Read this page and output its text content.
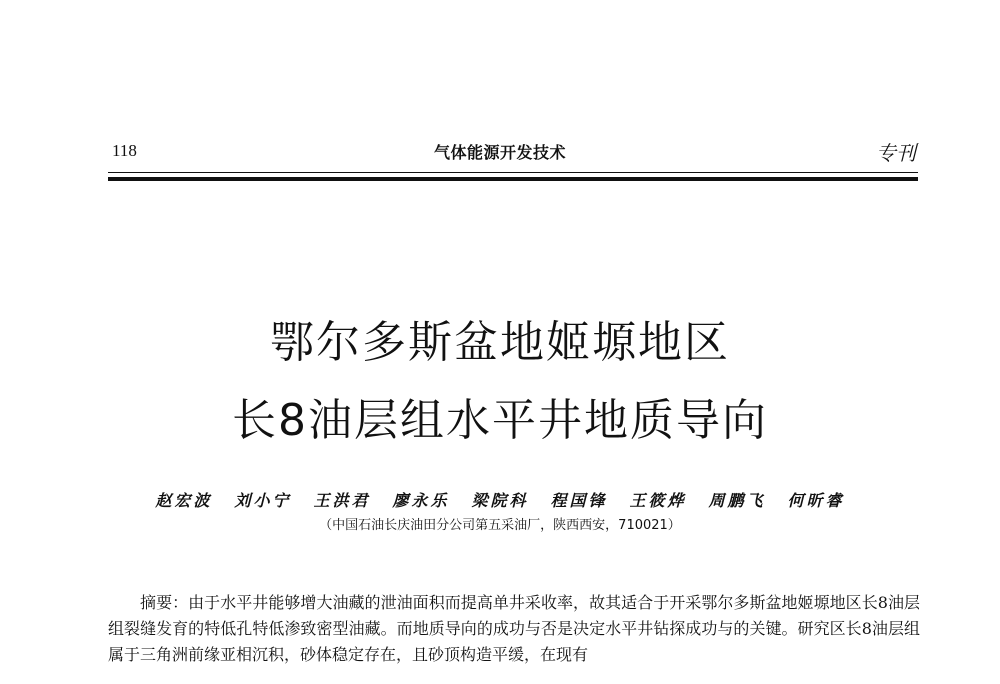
118	气体能源开发技术	专刊
鄂尔多斯盆地姬塬地区
长8油层组水平井地质导向
赵宏波 刘小宁 王洪君 廖永乐 梁院科 程国锋 王筱烨 周鹏飞 何昕睿
（中国石油长庆油田分公司第五采油厂，陕西西安，710021）

摘要：由于水平井能够增大油藏的泄油面积而提高单井采收率，故其适合于开采鄂尔多斯盆地姬塬地区长8油层组裂缝发育的特低孔特低渗致密型油藏。而地质导向的成功与否是决定水平井钻探成功与的关键。研究区长8油层组属于三角洲前缘亚相沉积，砂体稳定存在，且砂顶构造平缓，在现有
